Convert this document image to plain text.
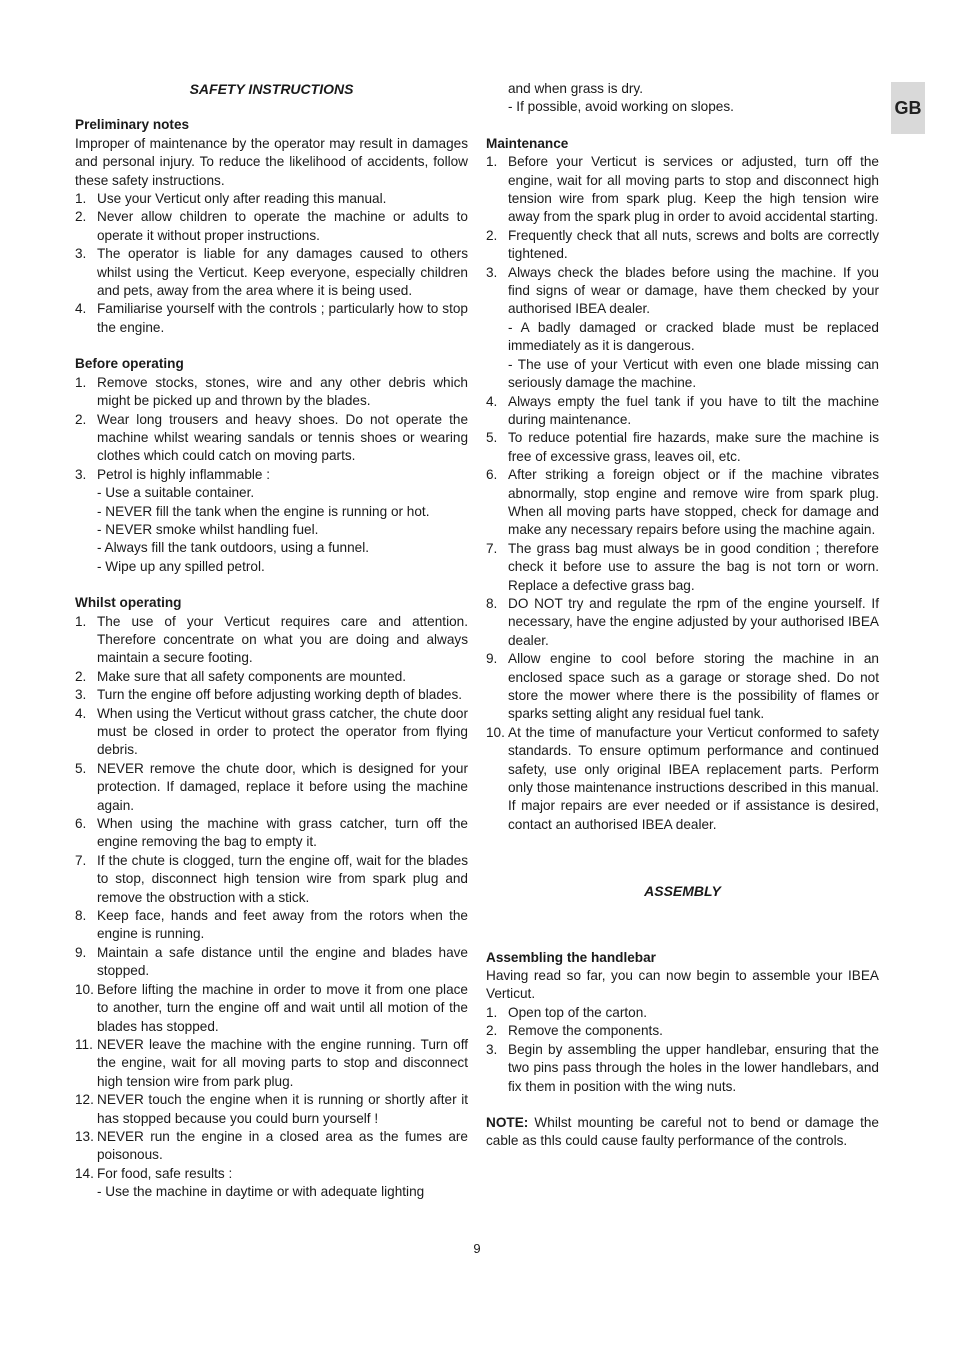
GB
SAFETY INSTRUCTIONS
Preliminary notes

Improper of maintenance by the operator may result in damages and personal injury. To reduce the likelihood of accidents, follow these safety instructions.

1. Use your Verticut only after reading this manual.
2. Never allow children to operate the machine or adults to operate it without proper instructions.
3. The operator is liable for any damages caused to others whilst using the Verticut. Keep everyone, especially children and pets, away from the area where it is being used.
4. Familiarise yourself with the controls ; particularly how to stop the engine.
Before operating
1. Remove stocks, stones, wire and any other debris which might be picked up and thrown by the blades.
2. Wear long trousers and heavy shoes. Do not operate the machine whilst wearing sandals or tennis shoes or wearing clothes which could catch on moving parts.
3. Petrol is highly inflammable :
- Use a suitable container.
- NEVER fill the tank when the engine is running or hot.
- NEVER smoke whilst handling fuel.
- Always fill the tank outdoors, using a funnel.
- Wipe up any spilled petrol.
Whilst operating
1. The use of your Verticut requires care and attention. Therefore concentrate on what you are doing and always maintain a secure footing.
2. Make sure that all safety components are mounted.
3. Turn the engine off before adjusting working depth of blades.
4. When using the Verticut without grass catcher, the chute door must be closed in order to protect the operator from flying debris.
5. NEVER remove the chute door, which is designed for your protection. If damaged, replace it before using the machine again.
6. When using the machine with grass catcher, turn off the engine removing the bag to empty it.
7. If the chute is clogged, turn the engine off, wait for the blades to stop, disconnect high tension wire from spark plug and remove the obstruction with a stick.
8. Keep face, hands and feet away from the rotors when the engine is running.
9. Maintain a safe distance until the engine and blades have stopped.
10. Before lifting the machine in order to move it from one place to another, turn the engine off and wait until all motion of the blades has stopped.
11. NEVER leave the machine with the engine running. Turn off the engine, wait for all moving parts to stop and disconnect high tension wire from park plug.
12. NEVER touch the engine when it is running or shortly after it has stopped because you could burn yourself !
13. NEVER run the engine in a closed area as the fumes are poisonous.
14. For food, safe results :
- Use the machine in daytime or with adequate lighting
and when grass is dry.
- If possible, avoid working on slopes.
Maintenance
1. Before your Verticut is services or adjusted, turn off the engine, wait for all moving parts to stop and disconnect high tension wire from spark plug. Keep the high tension wire away from the spark plug in order to avoid accidental starting.
2. Frequently check that all nuts, screws and bolts are correctly tightened.
3. Always check the blades before using the machine. If you find signs of wear or damage, have them checked by your authorised IBEA dealer.
- A badly damaged or cracked blade must be replaced immediately as it is dangerous.
- The use of your Verticut with even one blade missing can seriously damage the machine.
4. Always empty the fuel tank if you have to tilt the machine during maintenance.
5. To reduce potential fire hazards, make sure the machine is free of excessive grass, leaves oil, etc.
6. After striking a foreign object or if the machine vibrates abnormally, stop engine and remove wire from spark plug. When all moving parts have stopped, check for damage and make any necessary repairs before using the machine again.
7. The grass bag must always be in good condition ; therefore check it before use to assure the bag is not torn or worn. Replace a defective grass bag.
8. DO NOT try and regulate the rpm of the engine yourself. If necessary, have the engine adjusted by your authorised IBEA dealer.
9. Allow engine to cool before storing the machine in an enclosed space such as a garage or storage shed. Do not store the mower where there is the possibility of flames or sparks setting alight any residual fuel tank.
10. At the time of manufacture your Verticut conformed to safety standards. To ensure optimum performance and continued safety, use only original IBEA replacement parts. Perform only those maintenance instructions described in this manual. If major repairs are ever needed or if assistance is desired, contact an authorised IBEA dealer.
ASSEMBLY
Assembling the handlebar

Having read so far, you can now begin to assemble your IBEA Verticut.

1. Open top of the carton.
2. Remove the components.
3. Begin by assembling the upper handlebar, ensuring that the two pins pass through the holes in the lower handlebars, and fix them in position with the wing nuts.

NOTE: Whilst mounting be careful not to bend or damage the cable as thls could cause faulty performance of the controls.

9
